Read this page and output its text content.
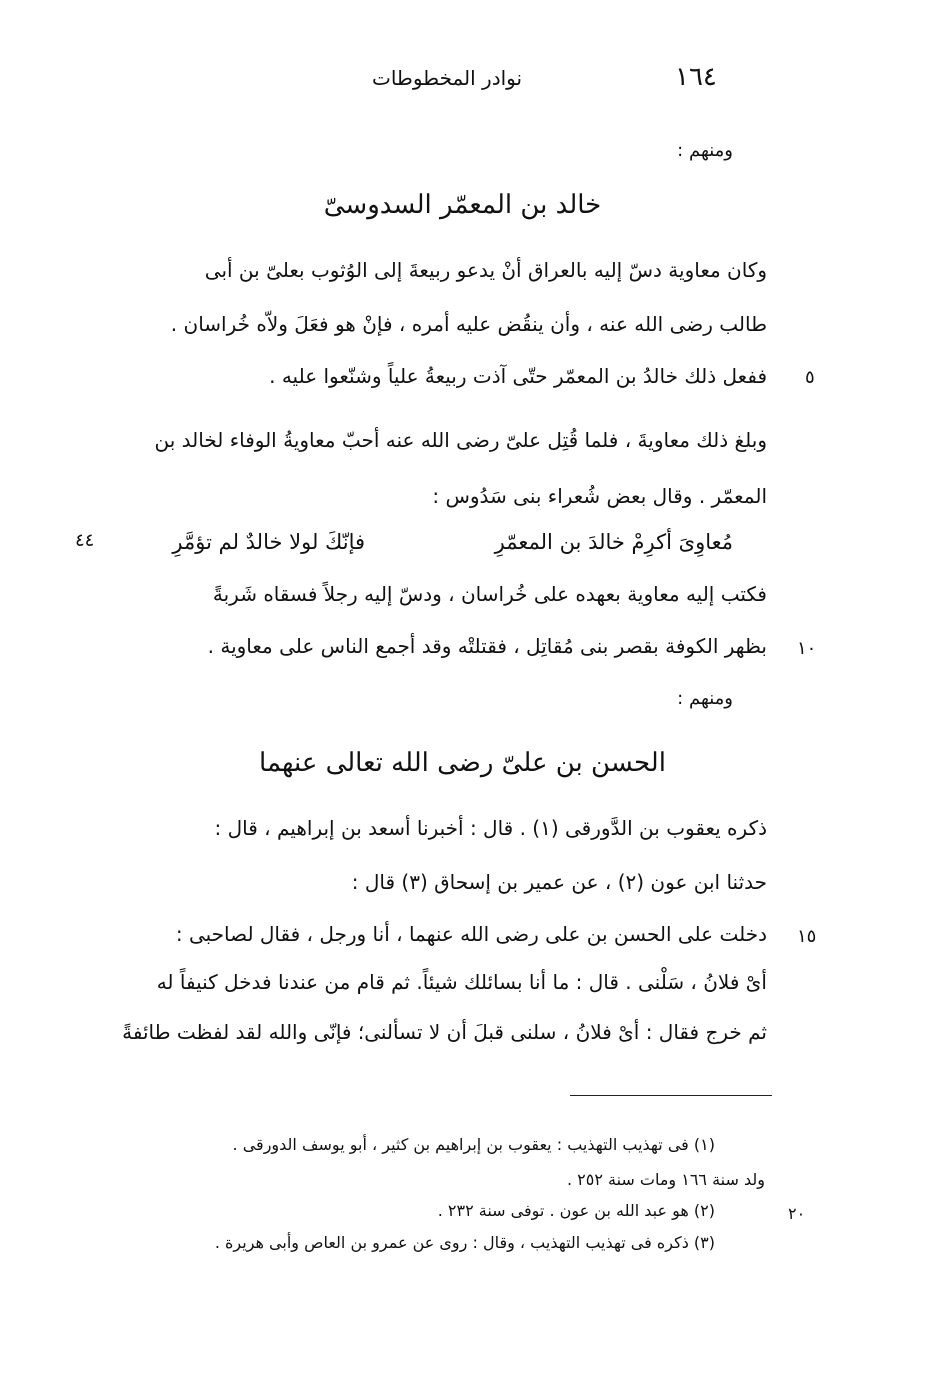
١٦٤
نوادر المخطوطات
ومنهم :
خالد بن المعمّر السدوسىّ
وكان معاوية دسّ إليه بالعراق أنْ يدعو ربيعةَ إلى الوُثوب بعلىّ بن أبى
طالب رضى الله عنه ، وأن ينقُض عليه أمره ، فإنْ هو فعَلَ ولاّه خُراسان .
ففعل ذلك خالدُ بن المعمّر حتّى آذت ربيعةُ علياً وشنّعوا عليه . ٥
وبلغ ذلك معاويةَ ، فلما قُتِل علىّ رضى الله عنه أحبّ معاويةُ الوفاء لخالد بن
المعمّر . وقال بعض شُعراء بنى سَدُوس :
مُعاوِىَ أكرِمْ خالدَ بن المعمّرِ
فإنّكَ لولا خالدٌ لم تؤمَّرِ
٤٤
فكتب إليه معاوية بعهده على خُراسان ، ودسّ إليه رجلاً فسقاه شَربةً
بظهر الكوفة بقصر بنى مُقاتِل ، فقتلتْه وقد أجمع الناس على معاوية . ١٠
ومنهم :
الحسن بن علىّ رضى الله تعالى عنهما
ذكره يعقوب بن الدَّورقى (١) . قال : أخبرنا أسعد بن إبراهيم ، قال :
حدثنا ابن عون (٢) ، عن عمير بن إسحاق (٣) قال :
دخلت على الحسن بن على رضى الله عنهما ، أنا ورجل ، فقال لصاحبى : ١٥
أىْ فلانُ ، سَلْنى . قال : ما أنا بسائلك شيئاً. ثم قام من عندنا فدخل كنيفاً له
ثم خرج فقال : أىْ فلانُ ، سلنى قبلَ أن لا تسألنى؛ فإنّى والله لقد لفظت طائفةً
(١) فى تهذيب التهذيب : يعقوب بن إبراهيم بن كثير ، أبو يوسف الدورقى .
ولد سنة ١٦٦ ومات سنة ٢٥٢ .
(٢) هو عبد الله بن عون . توفى سنة ٢٣٢ .	٢٠
(٣) ذكره فى تهذيب التهذيب ، وقال : روى عن عمرو بن العاص وأبى هريرة .
